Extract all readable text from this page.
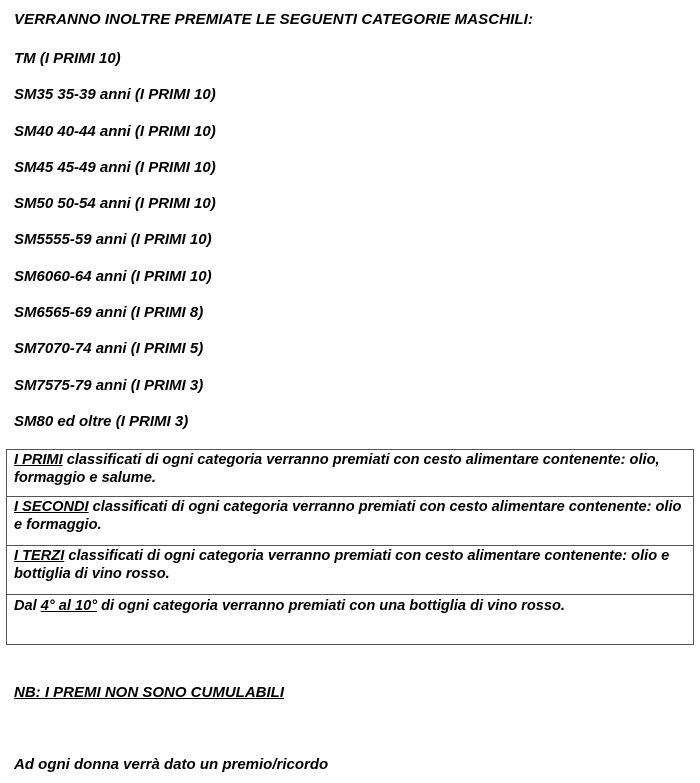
VERRANNO INOLTRE PREMIATE LE SEGUENTI CATEGORIE MASCHILI:
TM (I PRIMI 10)
SM35 35-39 anni (I PRIMI 10)
SM40 40-44 anni (I PRIMI 10)
SM45 45-49 anni (I PRIMI 10)
SM50 50-54 anni (I PRIMI 10)
SM5555-59 anni (I PRIMI 10)
SM6060-64 anni (I PRIMI 10)
SM6565-69 anni (I PRIMI 8)
SM7070-74 anni (I PRIMI 5)
SM7575-79 anni (I PRIMI 3)
SM80 ed oltre (I PRIMI 3)
I PRIMI classificati di ogni categoria verranno premiati con cesto alimentare contenente: olio, formaggio e salume.
I SECONDI classificati di ogni categoria verranno premiati con cesto alimentare contenente: olio e formaggio.
I TERZI classificati di ogni categoria verranno premiati con cesto alimentare contenente: olio e bottiglia di vino rosso.
Dal 4° al 10° di ogni categoria verranno premiati con una bottiglia di vino rosso.
NB: I PREMI NON SONO CUMULABILI
Ad ogni donna verrà dato un premio/ricordo
